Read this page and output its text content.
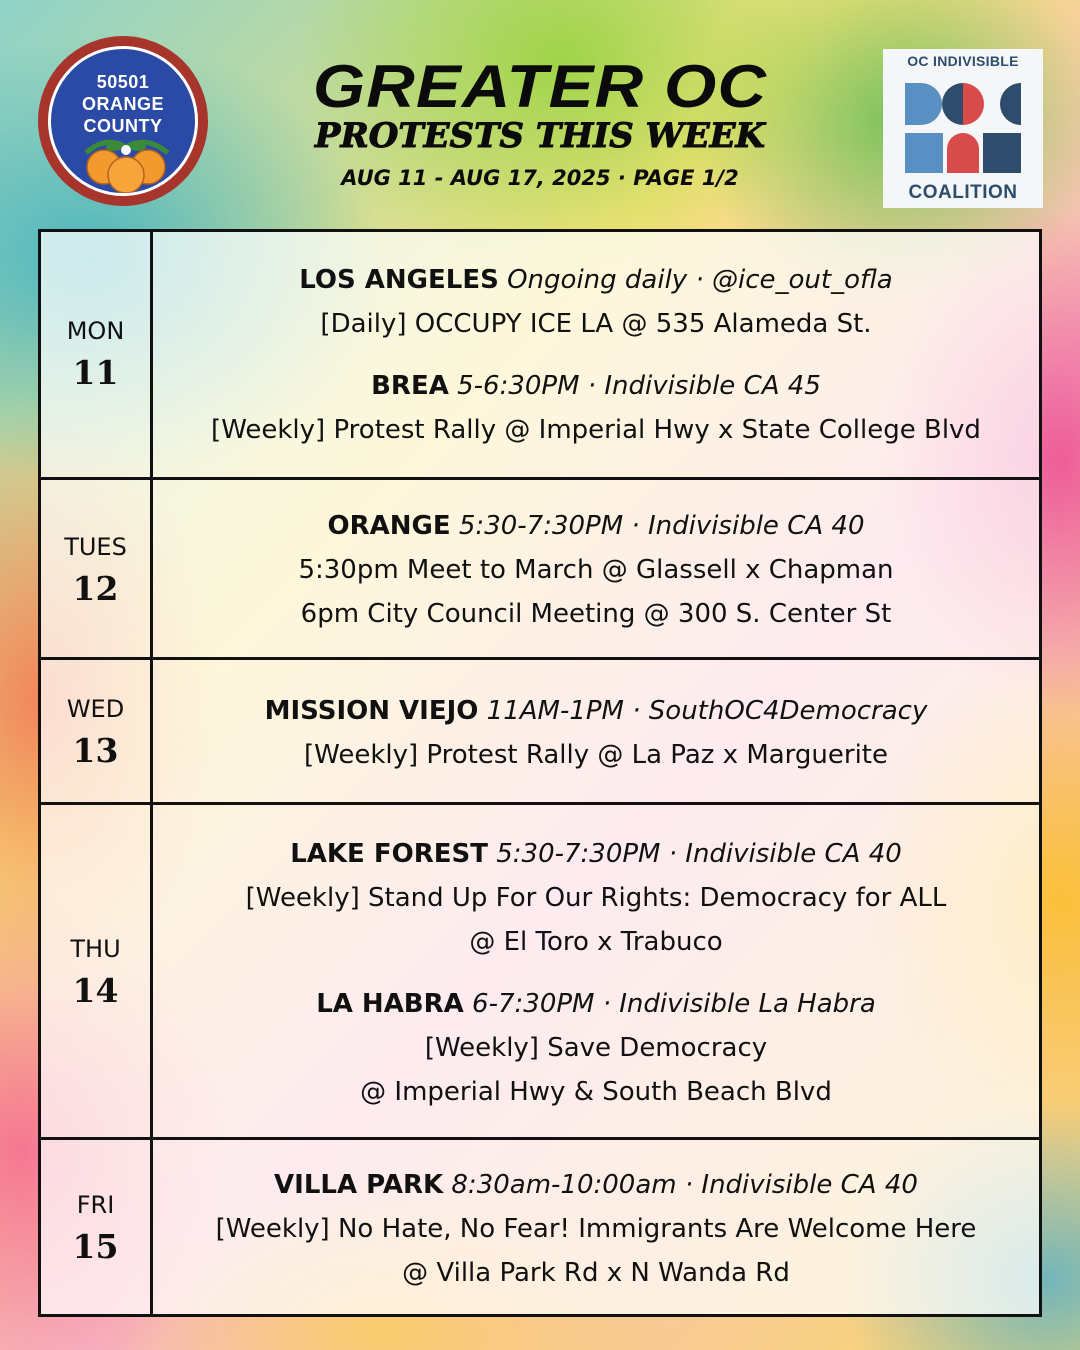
50501
ORANGE
COUNTY
GREATER OC
PROTESTS THIS WEEK
AUG 11 - AUG 17, 2025 · PAGE 1/2
OC INDIVISIBLE
COALITION
MON
11
LOS ANGELES Ongoing daily · @ice_out_ofla
[Daily] OCCUPY ICE LA @ 535 Alameda St.
BREA 5-6:30PM · Indivisible CA 45
[Weekly] Protest Rally @ Imperial Hwy x State College Blvd
TUES
12
ORANGE 5:30-7:30PM · Indivisible CA 40
5:30pm Meet to March @ Glassell x Chapman
6pm City Council Meeting @ 300 S. Center St
WED
13
MISSION VIEJO 11AM-1PM · SouthOC4Democracy
[Weekly] Protest Rally @ La Paz x Marguerite
THU
14
LAKE FOREST 5:30-7:30PM · Indivisible CA 40
[Weekly] Stand Up For Our Rights: Democracy for ALL
@ El Toro x Trabuco
LA HABRA 6-7:30PM · Indivisible La Habra
[Weekly] Save Democracy
@ Imperial Hwy & South Beach Blvd
FRI
15
VILLA PARK 8:30am-10:00am · Indivisible CA 40
[Weekly] No Hate, No Fear! Immigrants Are Welcome Here
@ Villa Park Rd x N Wanda Rd
